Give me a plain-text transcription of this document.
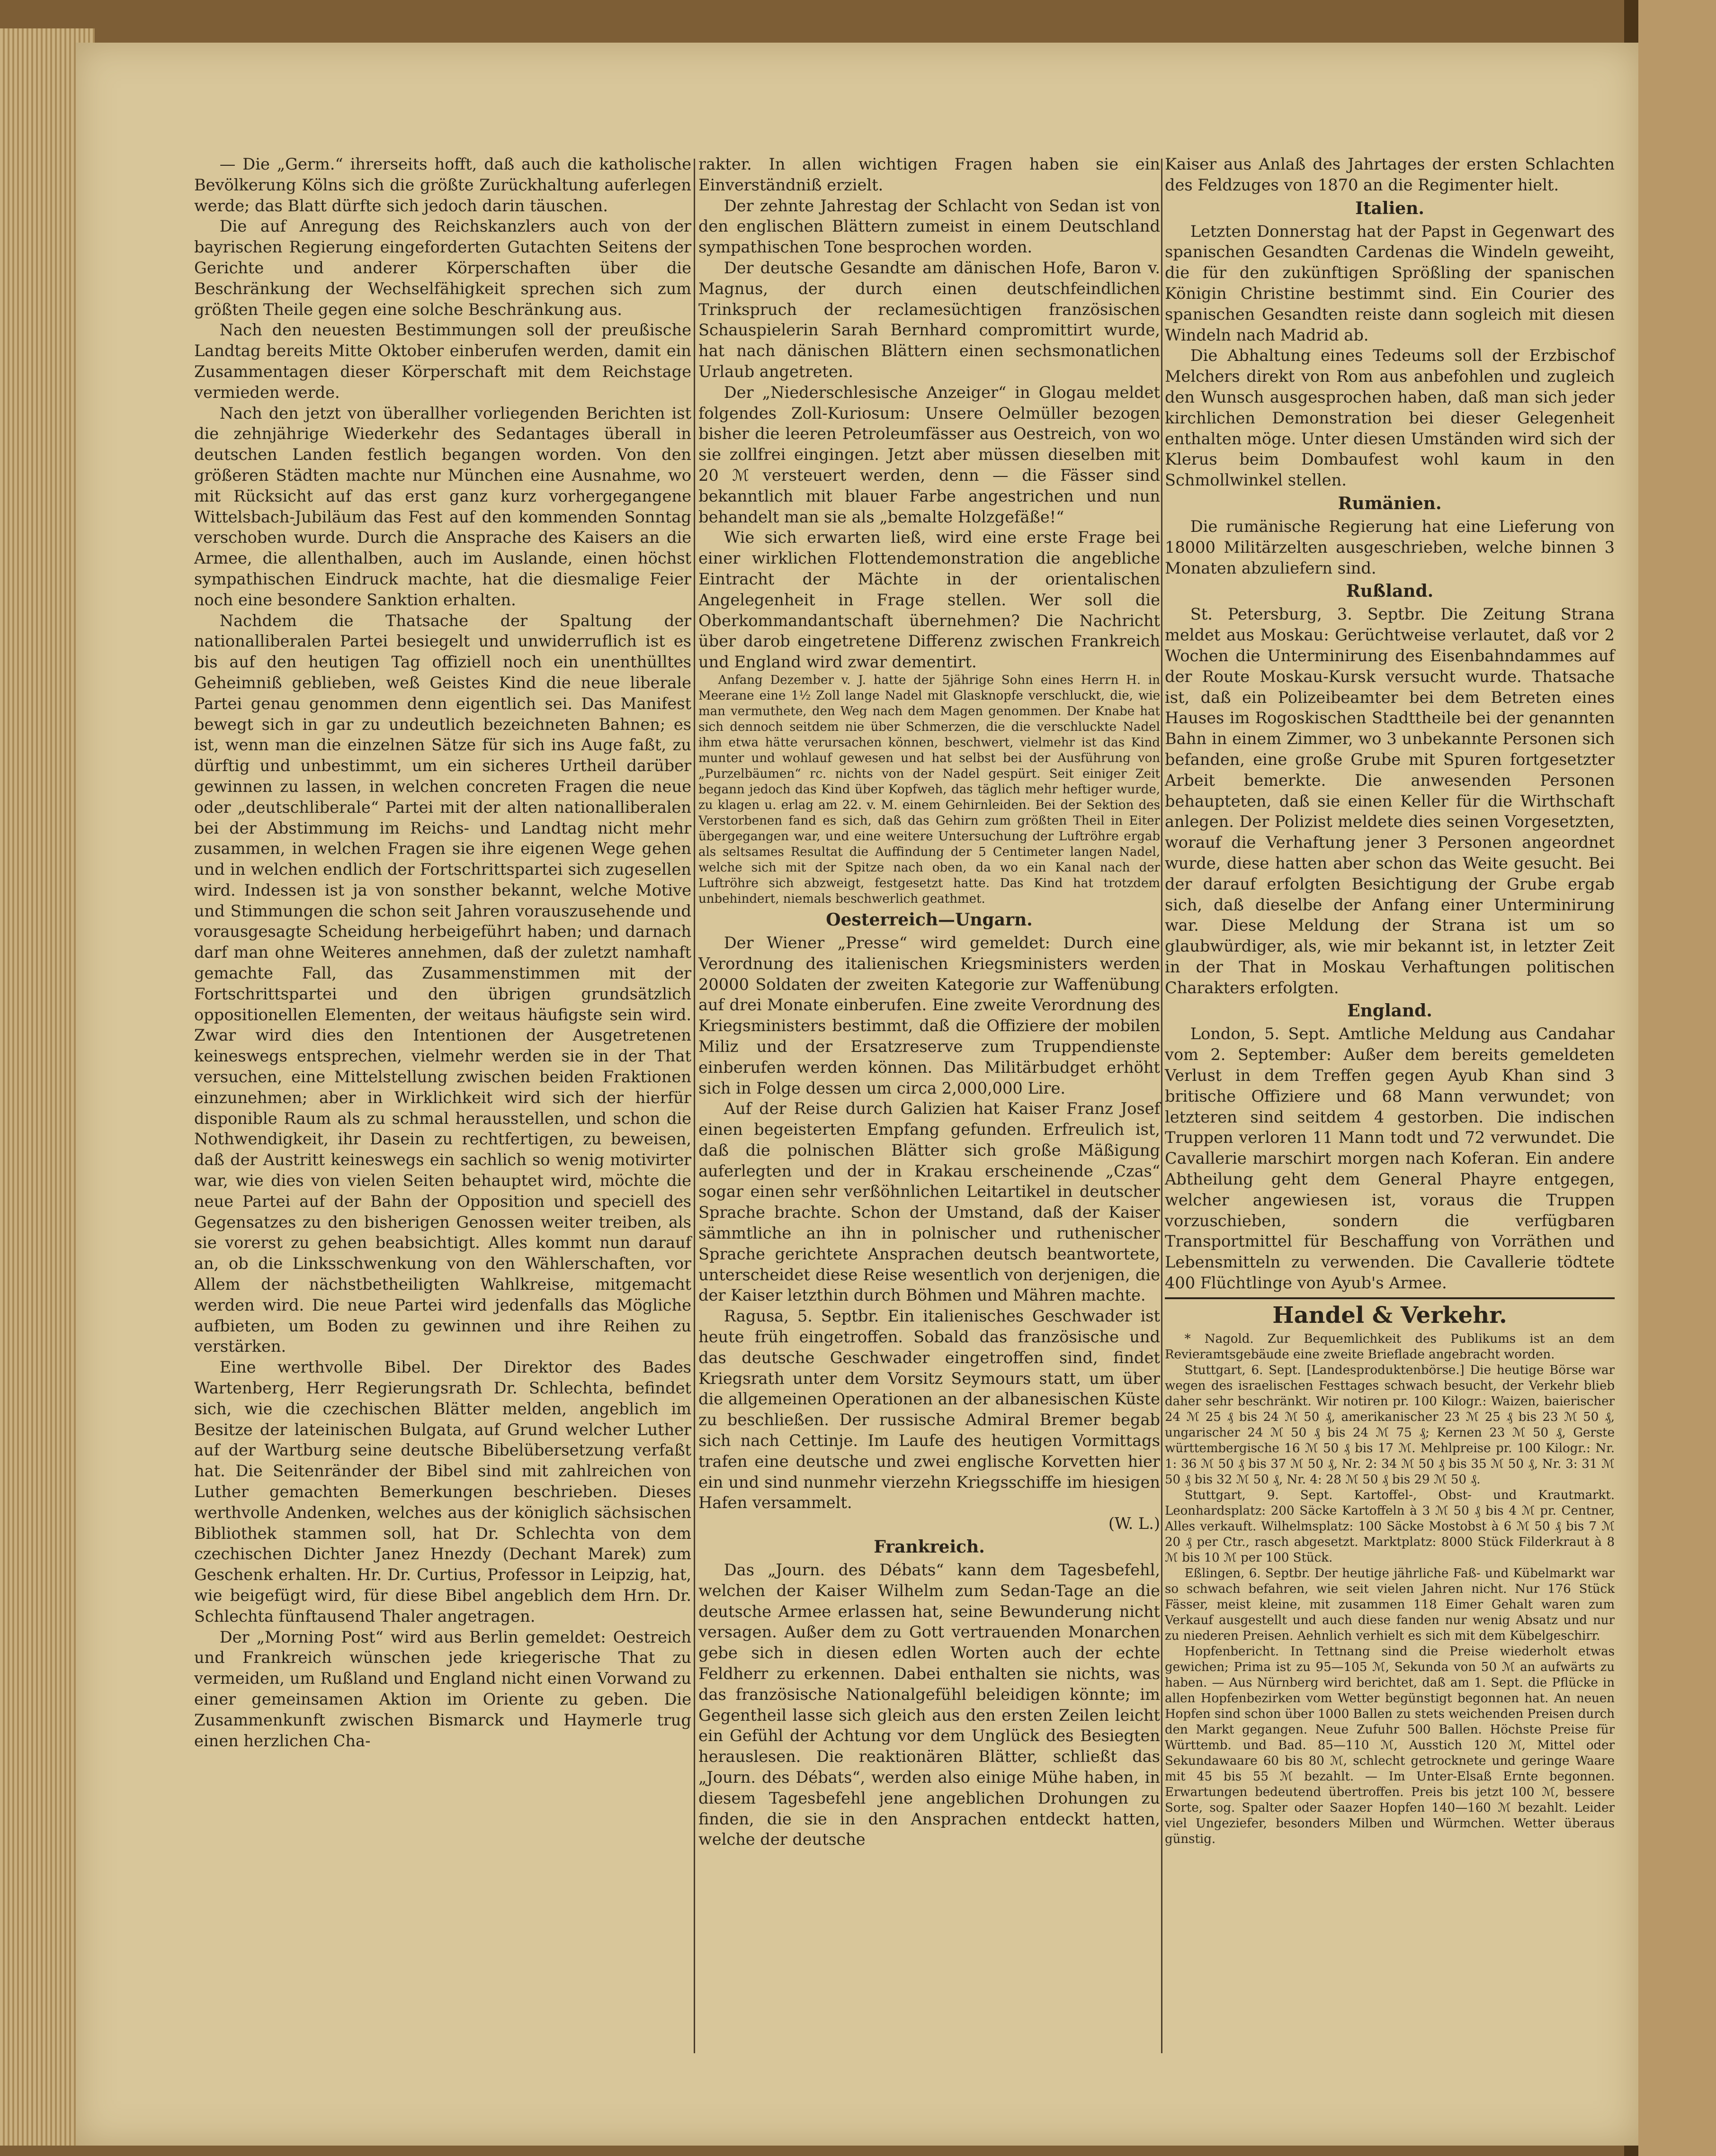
— Die „Germ.“ ihrerseits hofft, daß auch die katholische Bevölkerung Kölns sich die größte Zurückhaltung auferlegen werde; das Blatt dürfte sich jedoch darin täuschen.

Die auf Anregung des Reichskanzlers auch von der bayrischen Regierung eingeforderten Gutachten Seitens der Gerichte und anderer Körperschaften über die Beschränkung der Wechselfähigkeit sprechen sich zum größten Theile gegen eine solche Beschränkung aus.

Nach den neuesten Bestimmungen soll der preußische Landtag bereits Mitte Oktober einberufen werden, damit ein Zusammentagen dieser Körperschaft mit dem Reichstage vermieden werde.

Nach den jetzt von überallher vorliegenden Berichten ist die zehnjährige Wiederkehr des Sedantages überall in deutschen Landen festlich begangen worden. Von den größeren Städten machte nur München eine Ausnahme, wo mit Rücksicht auf das erst ganz kurz vorhergegangene Wittelsbach-Jubiläum das Fest auf den kommenden Sonntag verschoben wurde. Durch die Ansprache des Kaisers an die Armee, die allenthalben, auch im Auslande, einen höchst sympathischen Eindruck machte, hat die diesmalige Feier noch eine besondere Sanktion erhalten.

Nachdem die Thatsache der Spaltung der nationalliberalen Partei besiegelt und unwiderruflich ist es bis auf den heutigen Tag offiziell noch ein unenthülltes Geheimniß geblieben, weß Geistes Kind die neue liberale Partei genau genommen denn eigentlich sei. Das Manifest bewegt sich in gar zu undeutlich bezeichneten Bahnen; es ist, wenn man die einzelnen Sätze für sich ins Auge faßt, zu dürftig und unbestimmt, um ein sicheres Urtheil darüber gewinnen zu lassen, in welchen concreten Fragen die neue oder „deutschliberale“ Partei mit der alten nationalliberalen bei der Abstimmung im Reichs- und Landtag nicht mehr zusammen, in welchen Fragen sie ihre eigenen Wege gehen und in welchen endlich der Fortschrittspartei sich zugesellen wird. Indessen ist ja von sonsther bekannt, welche Motive und Stimmungen die schon seit Jahren vorauszusehende und vorausgesagte Scheidung herbeigeführt haben; und darnach darf man ohne Weiteres annehmen, daß der zuletzt namhaft gemachte Fall, das Zusammenstimmen mit der Fortschrittspartei und den übrigen grundsätzlich oppositionellen Elementen, der weitaus häufigste sein wird. Zwar wird dies den Intentionen der Ausgetretenen keineswegs entsprechen, vielmehr werden sie in der That versuchen, eine Mittelstellung zwischen beiden Fraktionen einzunehmen; aber in Wirklichkeit wird sich der hierfür disponible Raum als zu schmal herausstellen, und schon die Nothwendigkeit, ihr Dasein zu rechtfertigen, zu beweisen, daß der Austritt keineswegs ein sachlich so wenig motivirter war, wie dies von vielen Seiten behauptet wird, möchte die neue Partei auf der Bahn der Opposition und speciell des Gegensatzes zu den bisherigen Genossen weiter treiben, als sie vorerst zu gehen beabsichtigt. Alles kommt nun darauf an, ob die Linksschwenkung von den Wählerschaften, vor Allem der nächstbetheiligten Wahlkreise, mitgemacht werden wird. Die neue Partei wird jedenfalls das Mögliche aufbieten, um Boden zu gewinnen und ihre Reihen zu verstärken.

Eine werthvolle Bibel. Der Direktor des Bades Wartenberg, Herr Regierungsrath Dr. Schlechta, befindet sich, wie die czechischen Blätter melden, angeblich im Besitze der lateinischen Bulgata, auf Grund welcher Luther auf der Wartburg seine deutsche Bibelübersetzung verfaßt hat. Die Seitenränder der Bibel sind mit zahlreichen von Luther gemachten Bemerkungen beschrieben. Dieses werthvolle Andenken, welches aus der königlich sächsischen Bibliothek stammen soll, hat Dr. Schlechta von dem czechischen Dichter Janez Hnezdy (Dechant Marek) zum Geschenk erhalten. Hr. Dr. Curtius, Professor in Leipzig, hat, wie beigefügt wird, für diese Bibel angeblich dem Hrn. Dr. Schlechta fünftausend Thaler angetragen.

Der „Morning Post“ wird aus Berlin gemeldet: Oestreich und Frankreich wünschen jede kriegerische That zu vermeiden, um Rußland und England nicht einen Vorwand zu einer gemeinsamen Aktion im Oriente zu geben. Die Zusammenkunft zwischen Bismarck und Haymerle trug einen herzlichen Cha-

rakter. In allen wichtigen Fragen haben sie ein Einverständniß erzielt.

Der zehnte Jahrestag der Schlacht von Sedan ist von den englischen Blättern zumeist in einem Deutschland sympathischen Tone besprochen worden.

Der deutsche Gesandte am dänischen Hofe, Baron v. Magnus, der durch einen deutschfeindlichen Trinkspruch der reclamesüchtigen französischen Schauspielerin Sarah Bernhard compromittirt wurde, hat nach dänischen Blättern einen sechsmonatlichen Urlaub angetreten.

Der „Niederschlesische Anzeiger“ in Glogau meldet folgendes Zoll-Kuriosum: Unsere Oelmüller bezogen bisher die leeren Petroleumfässer aus Oestreich, von wo sie zollfrei eingingen. Jetzt aber müssen dieselben mit 20 ℳ versteuert werden, denn — die Fässer sind bekanntlich mit blauer Farbe angestrichen und nun behandelt man sie als „bemalte Holzgefäße!“

Wie sich erwarten ließ, wird eine erste Frage bei einer wirklichen Flottendemonstration die angebliche Eintracht der Mächte in der orientalischen Angelegenheit in Frage stellen. Wer soll die Oberkommandantschaft übernehmen? Die Nachricht über darob eingetretene Differenz zwischen Frankreich und England wird zwar dementirt.

Anfang Dezember v. J. hatte der 5jährige Sohn eines Herrn H. in Meerane eine 1½ Zoll lange Nadel mit Glasknopfe verschluckt, die, wie man vermuthete, den Weg nach dem Magen genommen. Der Knabe hat sich dennoch seitdem nie über Schmerzen, die die verschluckte Nadel ihm etwa hätte verursachen können, beschwert, vielmehr ist das Kind munter und wohlauf gewesen und hat selbst bei der Ausführung von „Purzelbäumen“ rc. nichts von der Nadel gespürt. Seit einiger Zeit begann jedoch das Kind über Kopfweh, das täglich mehr heftiger wurde, zu klagen u. erlag am 22. v. M. einem Gehirnleiden. Bei der Sektion des Verstorbenen fand es sich, daß das Gehirn zum größten Theil in Eiter übergegangen war, und eine weitere Untersuchung der Luftröhre ergab als seltsames Resultat die Auffindung der 5 Centimeter langen Nadel, welche sich mit der Spitze nach oben, da wo ein Kanal nach der Luftröhre sich abzweigt, festgesetzt hatte. Das Kind hat trotzdem unbehindert, niemals beschwerlich geathmet.

Oesterreich—Ungarn.

Der Wiener „Presse“ wird gemeldet: Durch eine Verordnung des italienischen Kriegsministers werden 20000 Soldaten der zweiten Kategorie zur Waffenübung auf drei Monate einberufen. Eine zweite Verordnung des Kriegsministers bestimmt, daß die Offiziere der mobilen Miliz und der Ersatzreserve zum Truppendienste einberufen werden können. Das Militärbudget erhöht sich in Folge dessen um circa 2,000,000 Lire.

Auf der Reise durch Galizien hat Kaiser Franz Josef einen begeisterten Empfang gefunden. Erfreulich ist, daß die polnischen Blätter sich große Mäßigung auferlegten und der in Krakau erscheinende „Czas“ sogar einen sehr verßöhnlichen Leitartikel in deutscher Sprache brachte. Schon der Umstand, daß der Kaiser sämmtliche an ihn in polnischer und ruthenischer Sprache gerichtete Ansprachen deutsch beantwortete, unterscheidet diese Reise wesentlich von derjenigen, die der Kaiser letzthin durch Böhmen und Mähren machte.

Ragusa, 5. Septbr. Ein italienisches Geschwader ist heute früh eingetroffen. Sobald das französische und das deutsche Geschwader eingetroffen sind, findet Kriegsrath unter dem Vorsitz Seymours statt, um über die allgemeinen Operationen an der albanesischen Küste zu beschließen. Der russische Admiral Bremer begab sich nach Cettinje. Im Laufe des heutigen Vormittags trafen eine deutsche und zwei englische Korvetten hier ein und sind nunmehr vierzehn Kriegsschiffe im hiesigen Hafen versammelt.

(W. L.)

Frankreich.

Das „Journ. des Débats“ kann dem Tagesbefehl, welchen der Kaiser Wilhelm zum Sedan-Tage an die deutsche Armee erlassen hat, seine Bewunderung nicht versagen. Außer dem zu Gott vertrauenden Monarchen gebe sich in diesen edlen Worten auch der echte Feldherr zu erkennen. Dabei enthalten sie nichts, was das französische Nationalgefühl beleidigen könnte; im Gegentheil lasse sich gleich aus den ersten Zeilen leicht ein Gefühl der Achtung vor dem Unglück des Besiegten herauslesen. Die reaktionären Blätter, schließt das „Journ. des Débats“, werden also einige Mühe haben, in diesem Tagesbefehl jene angeblichen Drohungen zu finden, die sie in den Ansprachen entdeckt hatten, welche der deutsche

Kaiser aus Anlaß des Jahrtages der ersten Schlachten des Feldzuges von 1870 an die Regimenter hielt.

Italien.

Letzten Donnerstag hat der Papst in Gegenwart des spanischen Gesandten Cardenas die Windeln geweiht, die für den zukünftigen Sprößling der spanischen Königin Christine bestimmt sind. Ein Courier des spanischen Gesandten reiste dann sogleich mit diesen Windeln nach Madrid ab.

Die Abhaltung eines Tedeums soll der Erzbischof Melchers direkt von Rom aus anbefohlen und zugleich den Wunsch ausgesprochen haben, daß man sich jeder kirchlichen Demonstration bei dieser Gelegenheit enthalten möge. Unter diesen Umständen wird sich der Klerus beim Dombaufest wohl kaum in den Schmollwinkel stellen.

Rumänien.

Die rumänische Regierung hat eine Lieferung von 18000 Militärzelten ausgeschrieben, welche binnen 3 Monaten abzuliefern sind.

Rußland.

St. Petersburg, 3. Septbr. Die Zeitung Strana meldet aus Moskau: Gerüchtweise verlautet, daß vor 2 Wochen die Unterminirung des Eisenbahndammes auf der Route Moskau-Kursk versucht wurde. Thatsache ist, daß ein Polizeibeamter bei dem Betreten eines Hauses im Rogoskischen Stadttheile bei der genannten Bahn in einem Zimmer, wo 3 unbekannte Personen sich befanden, eine große Grube mit Spuren fortgesetzter Arbeit bemerkte. Die anwesenden Personen behaupteten, daß sie einen Keller für die Wirthschaft anlegen. Der Polizist meldete dies seinen Vorgesetzten, worauf die Verhaftung jener 3 Personen angeordnet wurde, diese hatten aber schon das Weite gesucht. Bei der darauf erfolgten Besichtigung der Grube ergab sich, daß dieselbe der Anfang einer Unterminirung war. Diese Meldung der Strana ist um so glaubwürdiger, als, wie mir bekannt ist, in letzter Zeit in der That in Moskau Verhaftungen politischen Charakters erfolgten.

England.

London, 5. Sept. Amtliche Meldung aus Candahar vom 2. September: Außer dem bereits gemeldeten Verlust in dem Treffen gegen Ayub Khan sind 3 britische Offiziere und 68 Mann verwundet; von letzteren sind seitdem 4 gestorben. Die indischen Truppen verloren 11 Mann todt und 72 verwundet. Die Cavallerie marschirt morgen nach Koferan. Ein andere Abtheilung geht dem General Phayre entgegen, welcher angewiesen ist, voraus die Truppen vorzuschieben, sondern die verfügbaren Transportmittel für Beschaffung von Vorräthen und Lebensmitteln zu verwenden. Die Cavallerie tödtete 400 Flüchtlinge von Ayub's Armee.

Handel & Verkehr.

* Nagold. Zur Bequemlichkeit des Publikums ist an dem Revieramtsgebäude eine zweite Brieflade angebracht worden.

Stuttgart, 6. Sept. [Landesproduktenbörse.] Die heutige Börse war wegen des israelischen Festtages schwach besucht, der Verkehr blieb daher sehr beschränkt. Wir notiren pr. 100 Kilogr.: Waizen, baierischer 24 ℳ 25 ₰ bis 24 ℳ 50 ₰, amerikanischer 23 ℳ 25 ₰ bis 23 ℳ 50 ₰, ungarischer 24 ℳ 50 ₰ bis 24 ℳ 75 ₰; Kernen 23 ℳ 50 ₰, Gerste württembergische 16 ℳ 50 ₰ bis 17 ℳ. Mehlpreise pr. 100 Kilogr.: Nr. 1: 36 ℳ 50 ₰ bis 37 ℳ 50 ₰, Nr. 2: 34 ℳ 50 ₰ bis 35 ℳ 50 ₰, Nr. 3: 31 ℳ 50 ₰ bis 32 ℳ 50 ₰, Nr. 4: 28 ℳ 50 ₰ bis 29 ℳ 50 ₰.

Stuttgart, 9. Sept. Kartoffel-, Obst- und Krautmarkt. Leonhardsplatz: 200 Säcke Kartoffeln à 3 ℳ 50 ₰ bis 4 ℳ pr. Centner, Alles verkauft. Wilhelmsplatz: 100 Säcke Mostobst à 6 ℳ 50 ₰ bis 7 ℳ 20 ₰ per Ctr., rasch abgesetzt. Marktplatz: 8000 Stück Filderkraut à 8 ℳ bis 10 ℳ per 100 Stück.

Eßlingen, 6. Septbr. Der heutige jährliche Faß- und Kübelmarkt war so schwach befahren, wie seit vielen Jahren nicht. Nur 176 Stück Fässer, meist kleine, mit zusammen 118 Eimer Gehalt waren zum Verkauf ausgestellt und auch diese fanden nur wenig Absatz und nur zu niederen Preisen. Aehnlich verhielt es sich mit dem Kübelgeschirr.

Hopfenbericht. In Tettnang sind die Preise wiederholt etwas gewichen; Prima ist zu 95—105 ℳ, Sekunda von 50 ℳ an aufwärts zu haben. — Aus Nürnberg wird berichtet, daß am 1. Sept. die Pflücke in allen Hopfenbezirken vom Wetter begünstigt begonnen hat. An neuen Hopfen sind schon über 1000 Ballen zu stets weichenden Preisen durch den Markt gegangen. Neue Zufuhr 500 Ballen. Höchste Preise für Württemb. und Bad. 85—110 ℳ, Ausstich 120 ℳ, Mittel oder Sekundawaare 60 bis 80 ℳ, schlecht getrocknete und geringe Waare mit 45 bis 55 ℳ bezahlt. — Im Unter-Elsaß Ernte begonnen. Erwartungen bedeutend übertroffen. Preis bis jetzt 100 ℳ, bessere Sorte, sog. Spalter oder Saazer Hopfen 140—160 ℳ bezahlt. Leider viel Ungeziefer, besonders Milben und Würmchen. Wetter überaus günstig.
